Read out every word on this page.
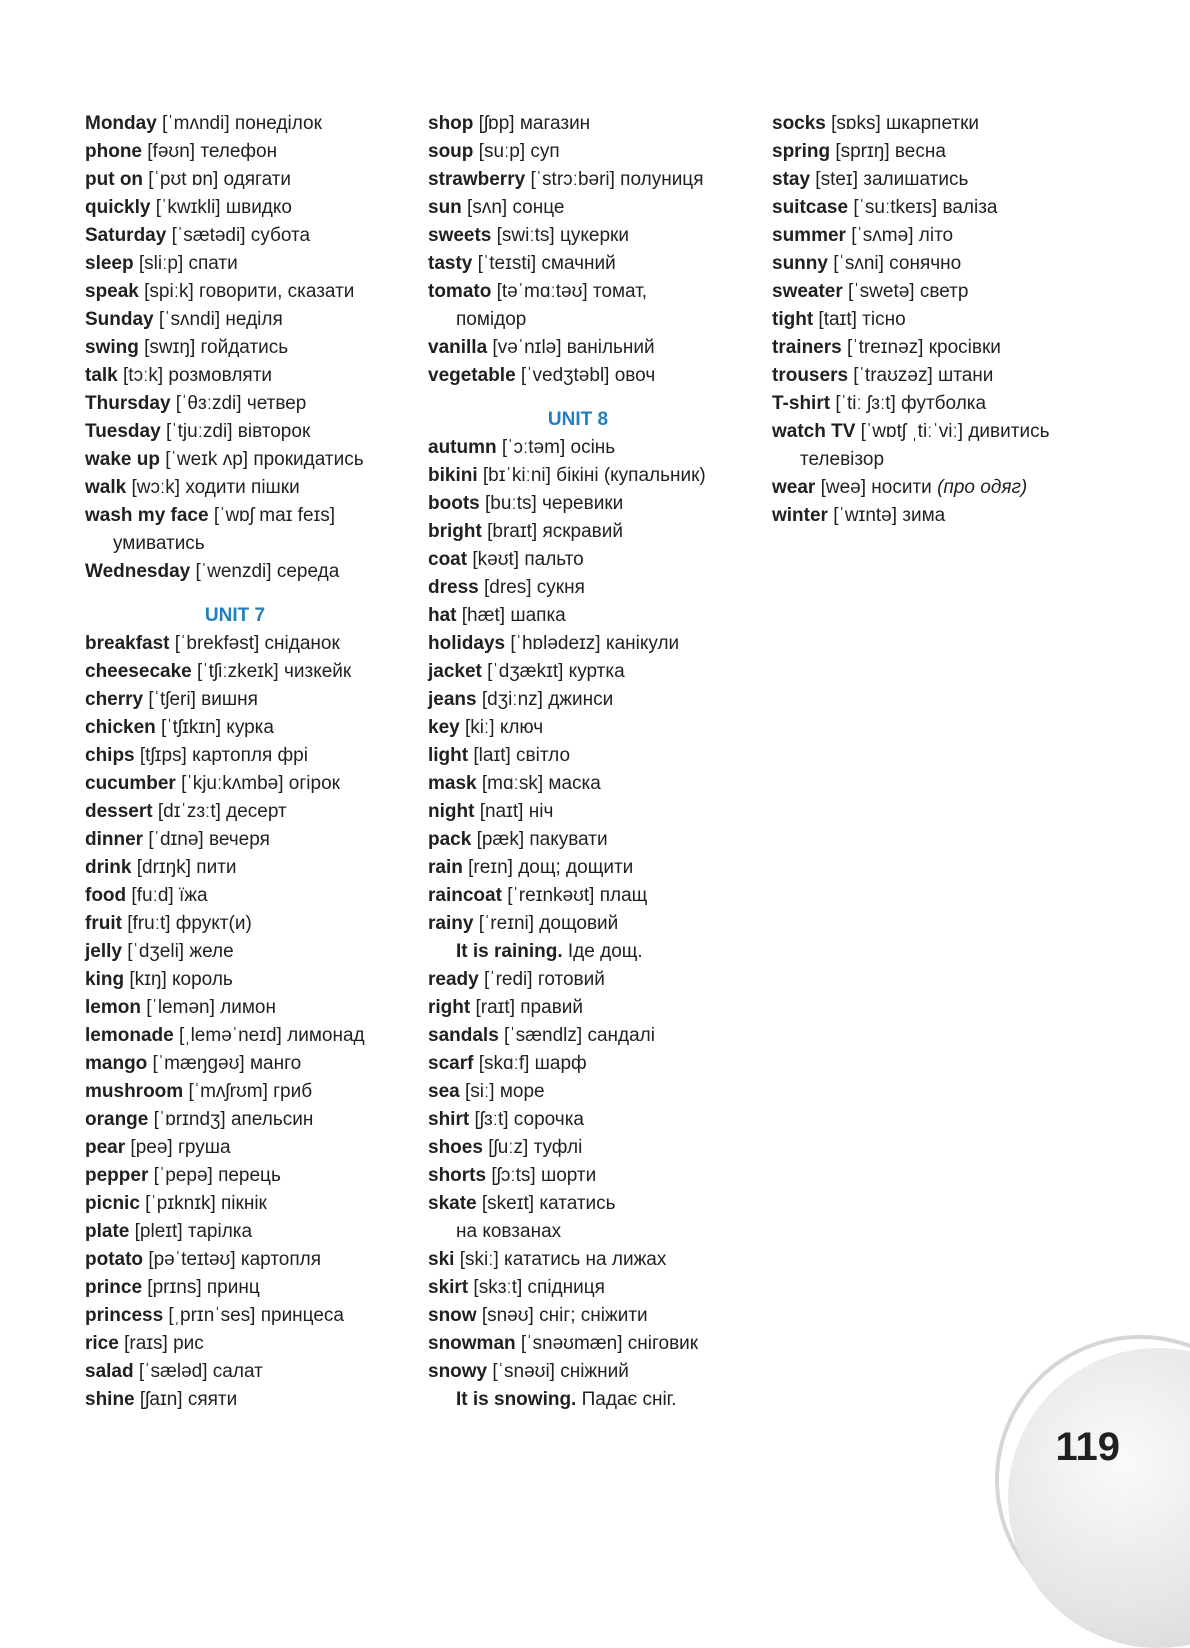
Monday [ˈmʌndi] понеділок
phone [fəʊn] телефон
put on [ˈpʊt ɒn] одягати
quickly [ˈkwɪkli] швидко
Saturday [ˈsætədi] субота
sleep [sliːp] спати
speak [spiːk] говорити, сказати
Sunday [ˈsʌndi] неділя
swing [swɪŋ] гойдатись
talk [tɔːk] розмовляти
Thursday [ˈθɜːzdi] четвер
Tuesday [ˈtjuːzdi] вівторок
wake up [ˈweɪk ʌp] прокидатись
walk [wɔːk] ходити пішки
wash my face [ˈwɒʃ maɪ feɪs]
умиватись
Wednesday [ˈwenzdi] середа
UNIT 7
breakfast [ˈbrekfəst] сніданок
cheesecake [ˈtʃiːzkeɪk] чизкейк
cherry [ˈtʃeri] вишня
chicken [ˈtʃɪkɪn] курка
chips [tʃɪps] картопля фрі
cucumber [ˈkjuːkʌmbə] огірок
dessert [dɪˈzɜːt] десерт
dinner [ˈdɪnə] вечеря
drink [drɪŋk] пити
food [fuːd] їжа
fruit [fruːt] фрукт(и)
jelly [ˈdʒeli] желе
king [kɪŋ] король
lemon [ˈlemən] лимон
lemonade [ˌleməˈneɪd] лимонад
mango [ˈmæŋgəʊ] манго
mushroom [ˈmʌʃrʊm] гриб
orange [ˈɒrɪndʒ] апельсин
pear [peə] груша
pepper [ˈpepə] перець
picnic [ˈpɪknɪk] пікнік
plate [pleɪt] тарілка
potato [pəˈteɪtəʊ] картопля
prince [prɪns] принц
princess [ˌprɪnˈses] принцеса
rice [raɪs] рис
salad [ˈsæləd] салат
shine [ʃaɪn] сяяти
shop [ʃɒp] магазин
soup [suːp] суп
strawberry [ˈstrɔːbəri] полуниця
sun [sʌn] сонце
sweets [swiːts] цукерки
tasty [ˈteɪsti] смачний
tomato [təˈmɑːtəʊ] томат,
помідор
vanilla [vəˈnɪlə] ванільний
vegetable [ˈvedʒtəbl] овоч
UNIT 8
autumn [ˈɔːtəm] осінь
bikini [bɪˈkiːni] бікіні (купальник)
boots [buːts] черевики
bright [braɪt] яскравий
coat [kəʊt] пальто
dress [dres] сукня
hat [hæt] шапка
holidays [ˈhɒlədeɪz] канікули
jacket [ˈdʒækɪt] куртка
jeans [dʒiːnz] джинси
key [kiː] ключ
light [laɪt] світло
mask [mɑːsk] маска
night [naɪt] ніч
pack [pæk] пакувати
rain [reɪn] дощ; дощити
raincoat [ˈreɪnkəʊt] плащ
rainy [ˈreɪni] дощовий
It is raining. Іде дощ.
ready [ˈredi] готовий
right [raɪt] правий
sandals [ˈsændlz] сандалі
scarf [skɑːf] шарф
sea [siː] море
shirt [ʃɜːt] сорочка
shoes [ʃuːz] туфлі
shorts [ʃɔːts] шорти
skate [skeɪt] кататись
на ковзанах
ski [skiː] кататись на лижах
skirt [skɜːt] спідниця
snow [snəʊ] сніг; сніжити
snowman [ˈsnəʊmæn] сніговик
snowy [ˈsnəʊi] сніжний
It is snowing. Падає сніг.
socks [sɒks] шкарпетки
spring [sprɪŋ] весна
stay [steɪ] залишатись
suitcase [ˈsuːtkeɪs] валіза
summer [ˈsʌmə] літо
sunny [ˈsʌni] сонячно
sweater [ˈswetə] светр
tight [taɪt] тісно
trainers [ˈtreɪnəz] кросівки
trousers [ˈtraʊzəz] штани
T-shirt [ˈtiː ʃɜːt] футболка
watch TV [ˈwɒtʃ ˌtiːˈviː] дивитись
телевізор
wear [weə] носити (про одяг)
winter [ˈwɪntə] зима
119
